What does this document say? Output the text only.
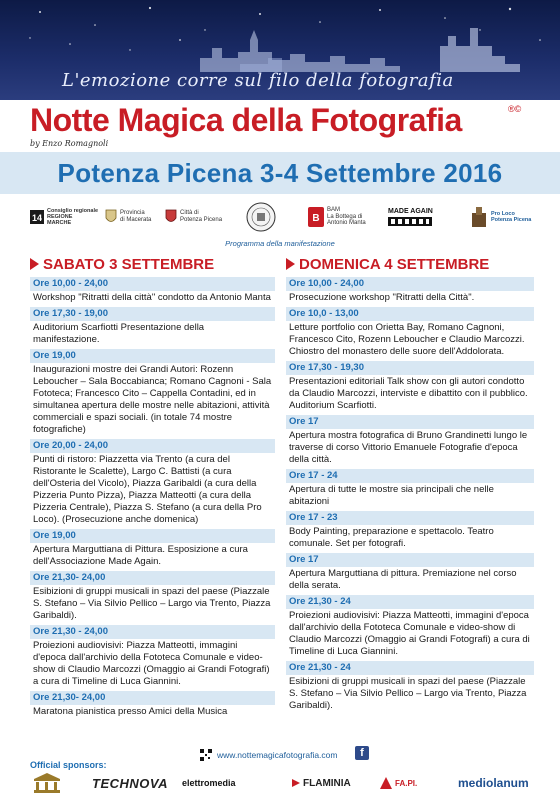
L'emozione corre sul filo della fotografia
Notte Magica della Fotografia	®©
by Enzo Romagnoli
Potenza Picena 3-4 Settembre 2016
14
Consiglio regionale
REGIONE
MARCHE
Provincia
di Macerata
Città di
Potenza Picena	B
BAM
La Bottega di
Antonio Manta
MADE AGAIN	Pro Loco
Potenza Picena
Programma della manifestazione
SABATO 3 SETTEMBRE
Ore 10,00 - 24,00
Workshop "Ritratti della città" condotto da Antonio Manta
Ore 17,30 - 19,00
Auditorium Scarfiotti Presentazione della manifestazione.
Ore 19,00
Inaugurazioni mostre dei Grandi Autori: Rozenn Leboucher – Sala Boccabianca; Romano Cagnoni - Sala Fototeca; Francesco Cito – Cappella Contadini, ed in simultanea apertura delle mostre nelle abitazioni, attività commerciali e spazi sociali. (in totale 74 mostre fotografiche)
Ore 20,00 - 24,00
Punti di ristoro: Piazzetta via Trento (a cura del Ristorante le Scalette), Largo C. Battisti (a cura dell'Osteria del Vicolo), Piazza Garibaldi (a cura della Pizzeria Punto Pizza), Piazza Matteotti (a cura della Pizzeria Centrale), Piazza S. Stefano (a cura della Pro Loco). (Prosecuzione anche domenica)
Ore 19,00
Apertura Marguttiana di Pittura. Esposizione a cura dell'Associazione Made Again.
Ore 21,30- 24,00
Esibizioni di gruppi musicali in spazi del paese (Piazzale S. Stefano – Via Silvio Pellico – Largo via Trento, Piazza Garibaldi).
Ore 21,30 - 24,00
Proiezioni audiovisivi: Piazza Matteotti, immagini d'epoca dall'archivio della Fototeca Comunale e video-show di Claudio Marcozzi (Omaggio ai Grandi Fotografi) a cura di Timeline di Luca Giannini.
Ore 21,30- 24,00
Maratona pianistica presso Amici della Musica
DOMENICA 4 SETTEMBRE
Ore 10,00 - 24,00
Prosecuzione workshop "Ritratti della Città".
Ore 10,0 - 13,00
Letture portfolio con Orietta Bay, Romano Cagnoni, Francesco Cito, Rozenn Leboucher e Claudio Marcozzi. Chiostro del monastero delle suore dell'Addolorata.
Ore 17,30 - 19,30
Presentazioni editoriali Talk show con gli autori condotto da Claudio Marcozzi, interviste e dibattito con il pubblico. Auditorium Scarfiotti.
Ore 17
Apertura mostra fotografica di Bruno Grandinetti lungo le traverse di corso Vittorio Emanuele Fotografie d'epoca della città.
Ore 17 - 24
Apertura di tutte le mostre sia principali che nelle abitazioni
Ore 17 - 23
Body Painting, preparazione e spettacolo. Teatro comunale. Set per fotografi.
Ore 17
Apertura Marguttiana di pittura. Premiazione nel corso della serata.
Ore 21,30 - 24
Proiezioni audiovisivi: Piazza Matteotti, immagini d'epoca dall'archivio della Fototeca Comunale e video-show di Claudio Marcozzi (Omaggio ai Grandi Fotografi) a cura di Timeline di Luca Giannini.
Ore 21,30 - 24
Esibizioni di gruppi musicali in spazi del paese (Piazzale S. Stefano – Via Silvio Pellico – Largo via Trento, Piazza Garibaldi).
www.nottemagicafotografia.com	f
Official sponsors:
TECHNOVA elettromedia	FLAMINIA	FA.PI.	mediolanum
